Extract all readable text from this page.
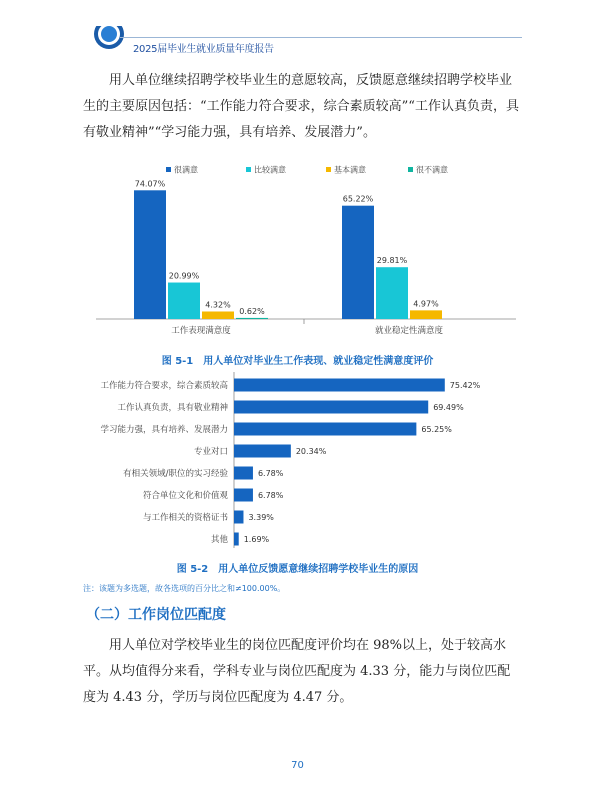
2025届毕业生就业质量年度报告
用人单位继续招聘学校毕业生的意愿较高，反馈愿意继续招聘学校毕业生的主要原因包括：“工作能力符合要求，综合素质较高”“工作认真负责，具有敬业精神”“学习能力强，具有培养、发展潜力”。
很满意	比较满意	基本满意	很不满意
74.07%
20.99%
4.32%
0.62%
工作表现满意度
65.22%
29.81%
4.97%
就业稳定性满意度
图 5-1　用人单位对毕业生工作表现、就业稳定性满意度评价
工作能力符合要求，综合素质较高	75.42%
工作认真负责，具有敬业精神	69.49%
学习能力强，具有培养、发展潜力	65.25%
专业对口	20.34%
有相关领域/职位的实习经验	6.78%
符合单位文化和价值观	6.78%
与工作相关的资格证书	3.39%
其他 1.69%
图 5-2　用人单位反馈愿意继续招聘学校毕业生的原因
注：该题为多选题，故各选项的百分比之和≠100.00%。
（二）工作岗位匹配度
用人单位对学校毕业生的岗位匹配度评价均在 98%以上，处于较高水平。从均值得分来看，学科专业与岗位匹配度为 4.33 分，能力与岗位匹配度为 4.43 分，学历与岗位匹配度为 4.47 分。
70
